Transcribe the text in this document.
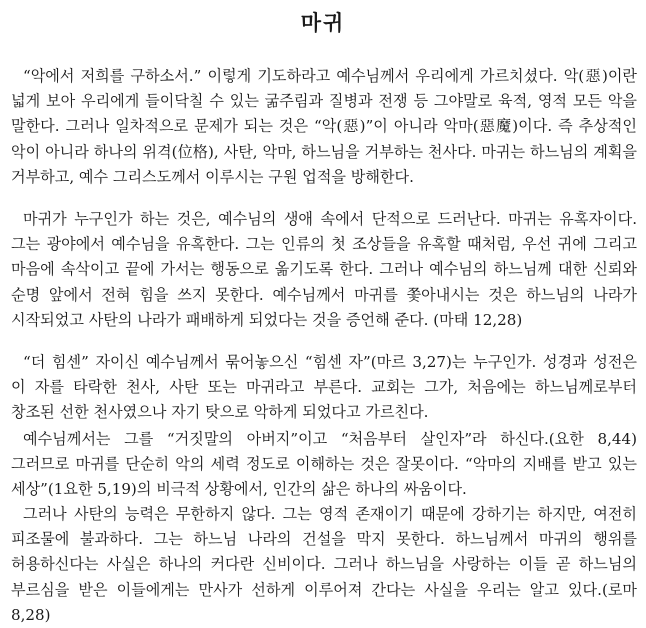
마귀

“악에서 저희를 구하소서.” 이렇게 기도하라고 예수님께서 우리에게 가르치셨다. 악(惡)이란 넓게 보아 우리에게 들이닥칠 수 있는 굶주림과 질병과 전쟁 등 그야말로 육적, 영적 모든 악을 말한다. 그러나 일차적으로 문제가 되는 것은 “악(惡)”이 아니라 악마(惡魔)이다. 즉 추상적인 악이 아니라 하나의 위격(位格), 사탄, 악마, 하느님을 거부하는 천사다. 마귀는 하느님의 계획을 거부하고, 예수 그리스도께서 이루시는 구원 업적을 방해한다.

마귀가 누구인가 하는 것은, 예수님의 생애 속에서 단적으로 드러난다. 마귀는 유혹자이다. 그는 광야에서 예수님을 유혹한다. 그는 인류의 첫 조상들을 유혹할 때처럼, 우선 귀에 그리고 마음에 속삭이고 끝에 가서는 행동으로 옮기도록 한다. 그러나 예수님의 하느님께 대한 신뢰와 순명 앞에서 전혀 힘을 쓰지 못한다. 예수님께서 마귀를 쫓아내시는 것은 하느님의 나라가 시작되었고 사탄의 나라가 패배하게 되었다는 것을 증언해 준다. (마태 12,28)

“더 힘센” 자이신 예수님께서 묶어놓으신 “힘센 자”(마르 3,27)는 누구인가. 성경과 성전은 이 자를 타락한 천사, 사탄 또는 마귀라고 부른다. 교회는 그가, 처음에는 하느님께로부터 창조된 선한 천사였으나 자기 탓으로 악하게 되었다고 가르친다.

예수님께서는 그를 “거짓말의 아버지”이고 “처음부터 살인자”라 하신다.(요한 8,44) 그러므로 마귀를 단순히 악의 세력 정도로 이해하는 것은 잘못이다. “악마의 지배를 받고 있는 세상”(1요한 5,19)의 비극적 상황에서, 인간의 삶은 하나의 싸움이다.

그러나 사탄의 능력은 무한하지 않다. 그는 영적 존재이기 때문에 강하기는 하지만, 여전히 피조물에 불과하다. 그는 하느님 나라의 건설을 막지 못한다. 하느님께서 마귀의 행위를 허용하신다는 사실은 하나의 커다란 신비이다. 그러나 하느님을 사랑하는 이들 곧 하느님의 부르심을 받은 이들에게는 만사가 선하게 이루어져 간다는 사실을 우리는 알고 있다.(로마 8,28)
